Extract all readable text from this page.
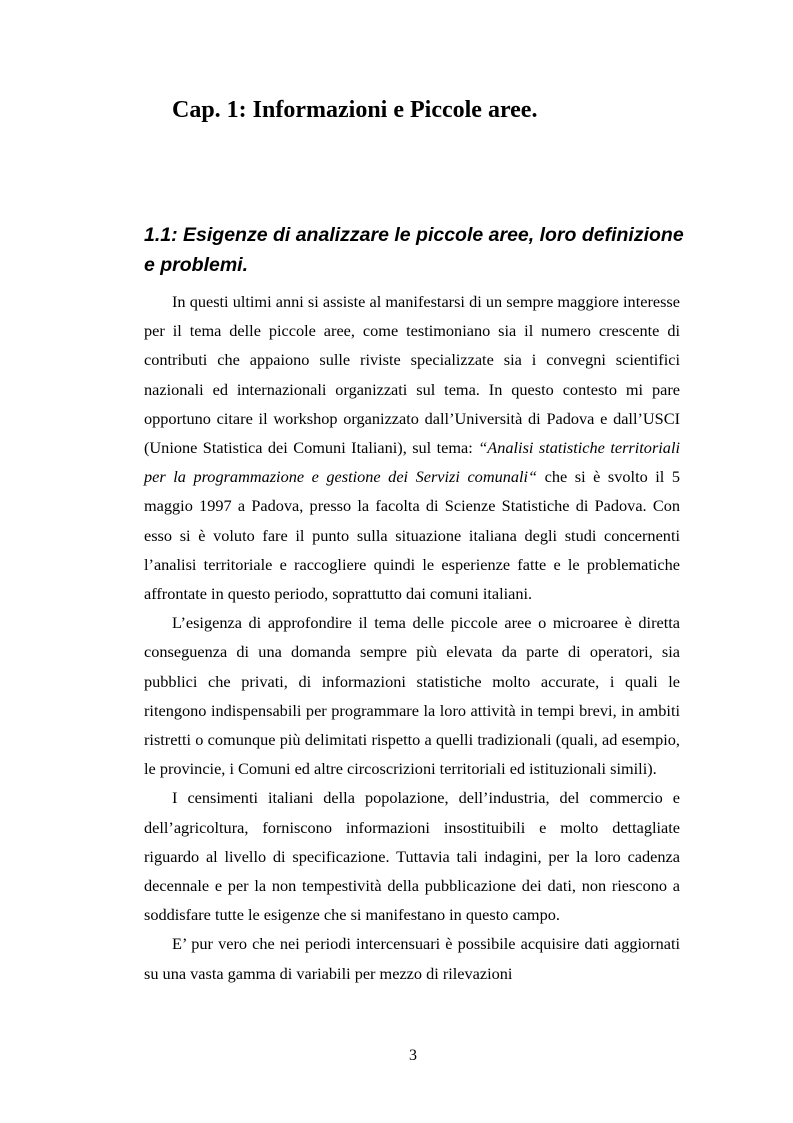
Cap. 1: Informazioni e Piccole aree.
1.1: Esigenze di analizzare le piccole aree, loro definizione e problemi.

In questi ultimi anni si assiste al manifestarsi di un sempre maggiore interesse per il tema delle piccole aree, come testimoniano sia il numero crescente di contributi che appaiono sulle riviste specializzate sia i convegni scientifici nazionali ed internazionali organizzati sul tema. In questo contesto mi pare opportuno citare il workshop organizzato dall’Università di Padova e dall’USCI (Unione Statistica dei Comuni Italiani), sul tema: “Analisi statistiche territoriali per la programmazione e gestione dei Servizi comunali“ che si è svolto il 5 maggio 1997 a Padova, presso la facolta di Scienze Statistiche di Padova. Con esso si è voluto fare il punto sulla situazione italiana degli studi concernenti l’analisi territoriale e raccogliere quindi le esperienze fatte e le problematiche affrontate in questo periodo, soprattutto dai comuni italiani.

L’esigenza di approfondire il tema delle piccole aree o microaree è diretta conseguenza di una domanda sempre più elevata da parte di operatori, sia pubblici che privati, di informazioni statistiche molto accurate, i quali le ritengono indispensabili per programmare la loro attività in tempi brevi, in ambiti ristretti o comunque più delimitati rispetto a quelli tradizionali (quali, ad esempio, le provincie, i Comuni ed altre circoscrizioni territoriali ed istituzionali simili).

I censimenti italiani della popolazione, dell’industria, del commercio e dell’agricoltura, forniscono informazioni insostituibili e molto dettagliate riguardo al livello di specificazione. Tuttavia tali indagini, per la loro cadenza decennale e per la non tempestività della pubblicazione dei dati, non riescono a soddisfare tutte le esigenze che si manifestano in questo campo.

E’ pur vero che nei periodi intercensuari è possibile acquisire dati aggiornati su una vasta gamma di variabili per mezzo di rilevazioni

3
